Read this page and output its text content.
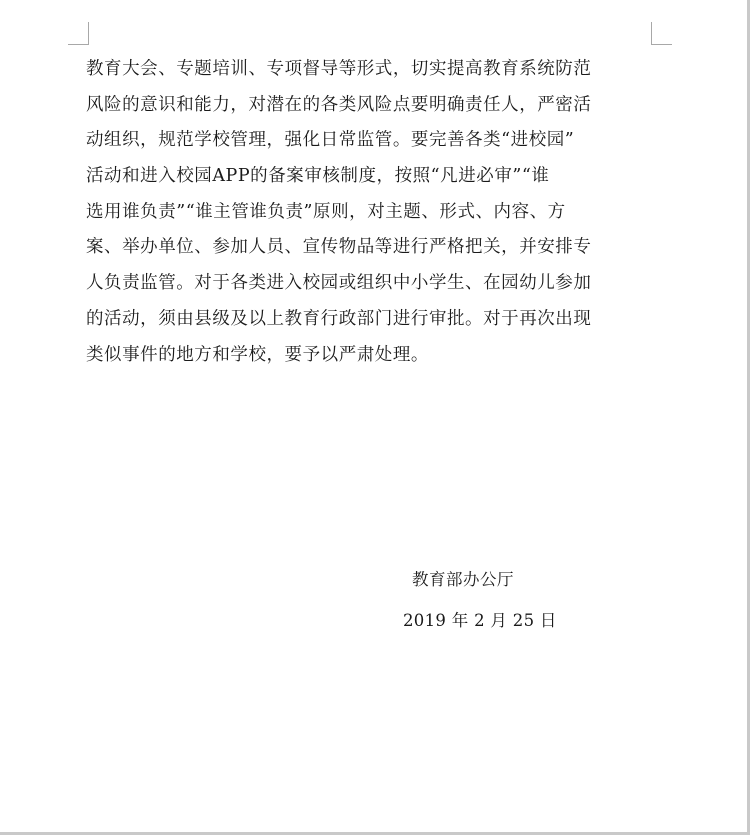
教育大会、专题培训、专项督导等形式，切实提高教育系统防范
风险的意识和能力，对潜在的各类风险点要明确责任人，严密活
动组织，规范学校管理，强化日常监管。要完善各类“进校园”
活动和进入校园APP的备案审核制度，按照“凡进必审”“谁
选用谁负责”“谁主管谁负责”原则，对主题、形式、内容、方
案、举办单位、参加人员、宣传物品等进行严格把关，并安排专
人负责监管。对于各类进入校园或组织中小学生、在园幼儿参加
的活动，须由县级及以上教育行政部门进行审批。对于再次出现
类似事件的地方和学校，要予以严肃处理。

教育部办公厅
2019 年 2 月 25 日
